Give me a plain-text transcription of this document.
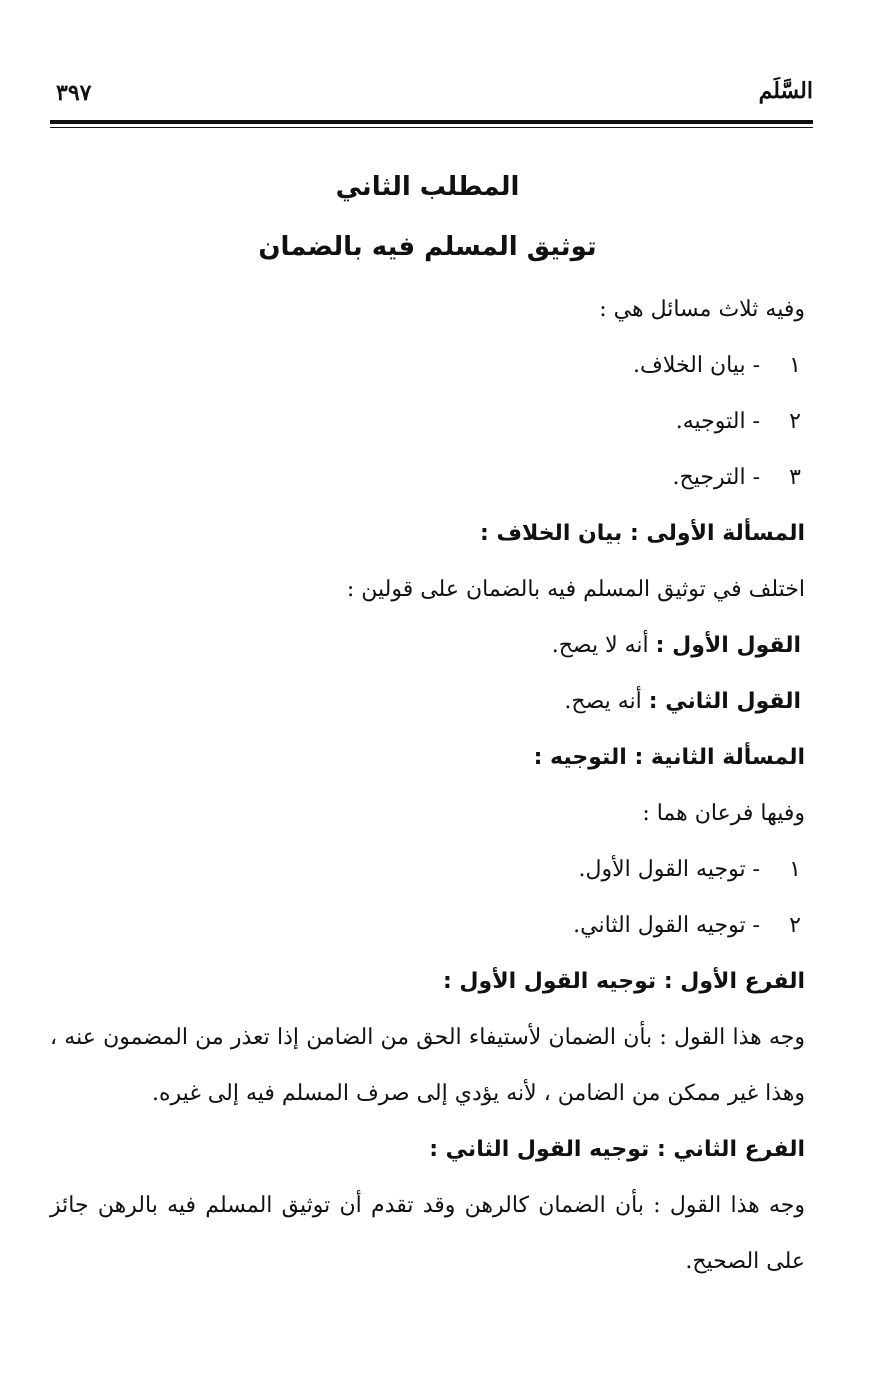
السَّلَم
٣٩٧
المطلب الثاني
توثيق المسلم فيه بالضمان

وفيه ثلاث مسائل هي :

١ - بيان الخلاف.

٢ - التوجيه.

٣ - الترجيح.

المسألة الأولى : بيان الخلاف :

اختلف في توثيق المسلم فيه بالضمان على قولين :

القول الأول : أنه لا يصح.

القول الثاني : أنه يصح.

المسألة الثانية : التوجيه :

وفيها فرعان هما :

١ - توجيه القول الأول.

٢ - توجيه القول الثاني.

الفرع الأول : توجيه القول الأول :

وجه هذا القول : بأن الضمان لأستيفاء الحق من الضامن إذا تعذر من المضمون عنه ، وهذا غير ممكن من الضامن ، لأنه يؤدي إلى صرف المسلم فيه إلى غيره.

الفرع الثاني : توجيه القول الثاني :

وجه هذا القول : بأن الضمان كالرهن وقد تقدم أن توثيق المسلم فيه بالرهن جائز على الصحيح.
